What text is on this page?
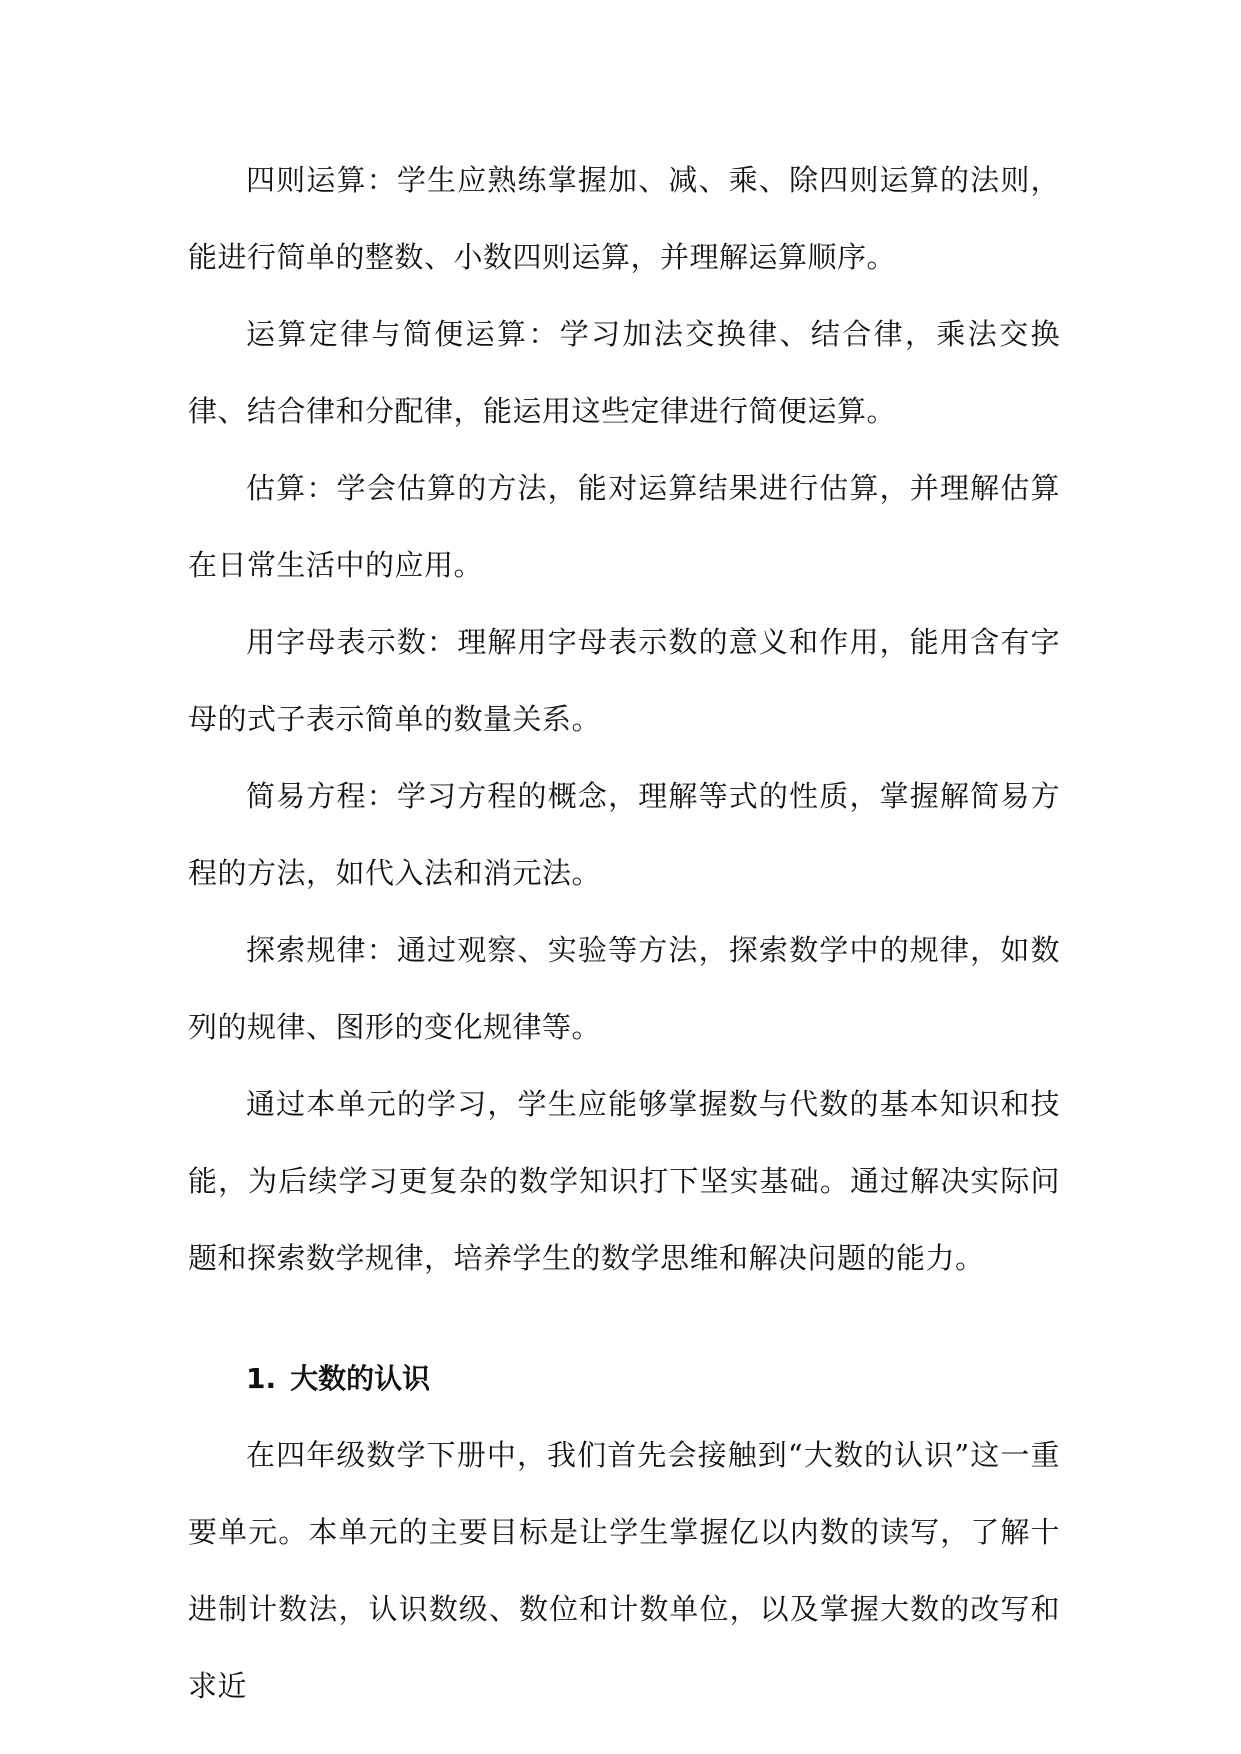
四则运算：学生应熟练掌握加、减、乘、除四则运算的法则，能进行简单的整数、小数四则运算，并理解运算顺序。

运算定律与简便运算：学习加法交换律、结合律，乘法交换律、结合律和分配律，能运用这些定律进行简便运算。

估算：学会估算的方法，能对运算结果进行估算，并理解估算在日常生活中的应用。

用字母表示数：理解用字母表示数的意义和作用，能用含有字母的式子表示简单的数量关系。

简易方程：学习方程的概念，理解等式的性质，掌握解简易方程的方法，如代入法和消元法。

探索规律：通过观察、实验等方法，探索数学中的规律，如数列的规律、图形的变化规律等。

通过本单元的学习，学生应能够掌握数与代数的基本知识和技能，为后续学习更复杂的数学知识打下坚实基础。通过解决实际问题和探索数学规律，培养学生的数学思维和解决问题的能力。

1. 大数的认识

在四年级数学下册中，我们首先会接触到“大数的认识”这一重要单元。本单元的主要目标是让学生掌握亿以内数的读写，了解十进制计数法，认识数级、数位和计数单位，以及掌握大数的改写和求近
